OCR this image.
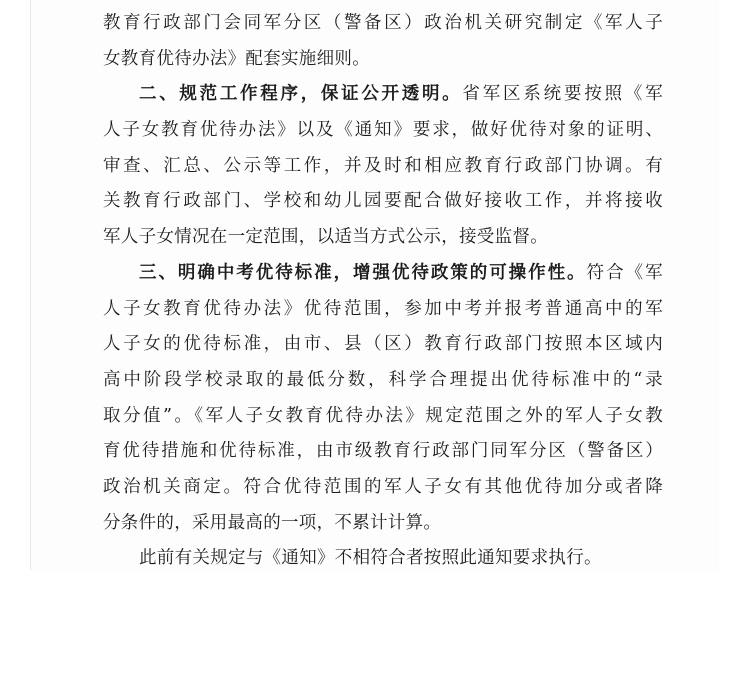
教育行政部门会同军分区（警备区）政治机关研究制定《军人子
女教育优待办法》配套实施细则。
二、规范工作程序，保证公开透明。省军区系统要按照《军
人子女教育优待办法》以及《通知》要求，做好优待对象的证明、
审查、汇总、公示等工作，并及时和相应教育行政部门协调。有
关教育行政部门、学校和幼儿园要配合做好接收工作，并将接收
军人子女情况在一定范围，以适当方式公示，接受监督。
三、明确中考优待标准，增强优待政策的可操作性。符合《军
人子女教育优待办法》优待范围，参加中考并报考普通高中的军
人子女的优待标准，由市、县（区）教育行政部门按照本区域内
高中阶段学校录取的最低分数，科学合理提出优待标准中的“录
取分值”。《军人子女教育优待办法》规定范围之外的军人子女教
育优待措施和优待标准，由市级教育行政部门同军分区（警备区）
政治机关商定。符合优待范围的军人子女有其他优待加分或者降
分条件的，采用最高的一项，不累计计算。
此前有关规定与《通知》不相符合者按照此通知要求执行。
